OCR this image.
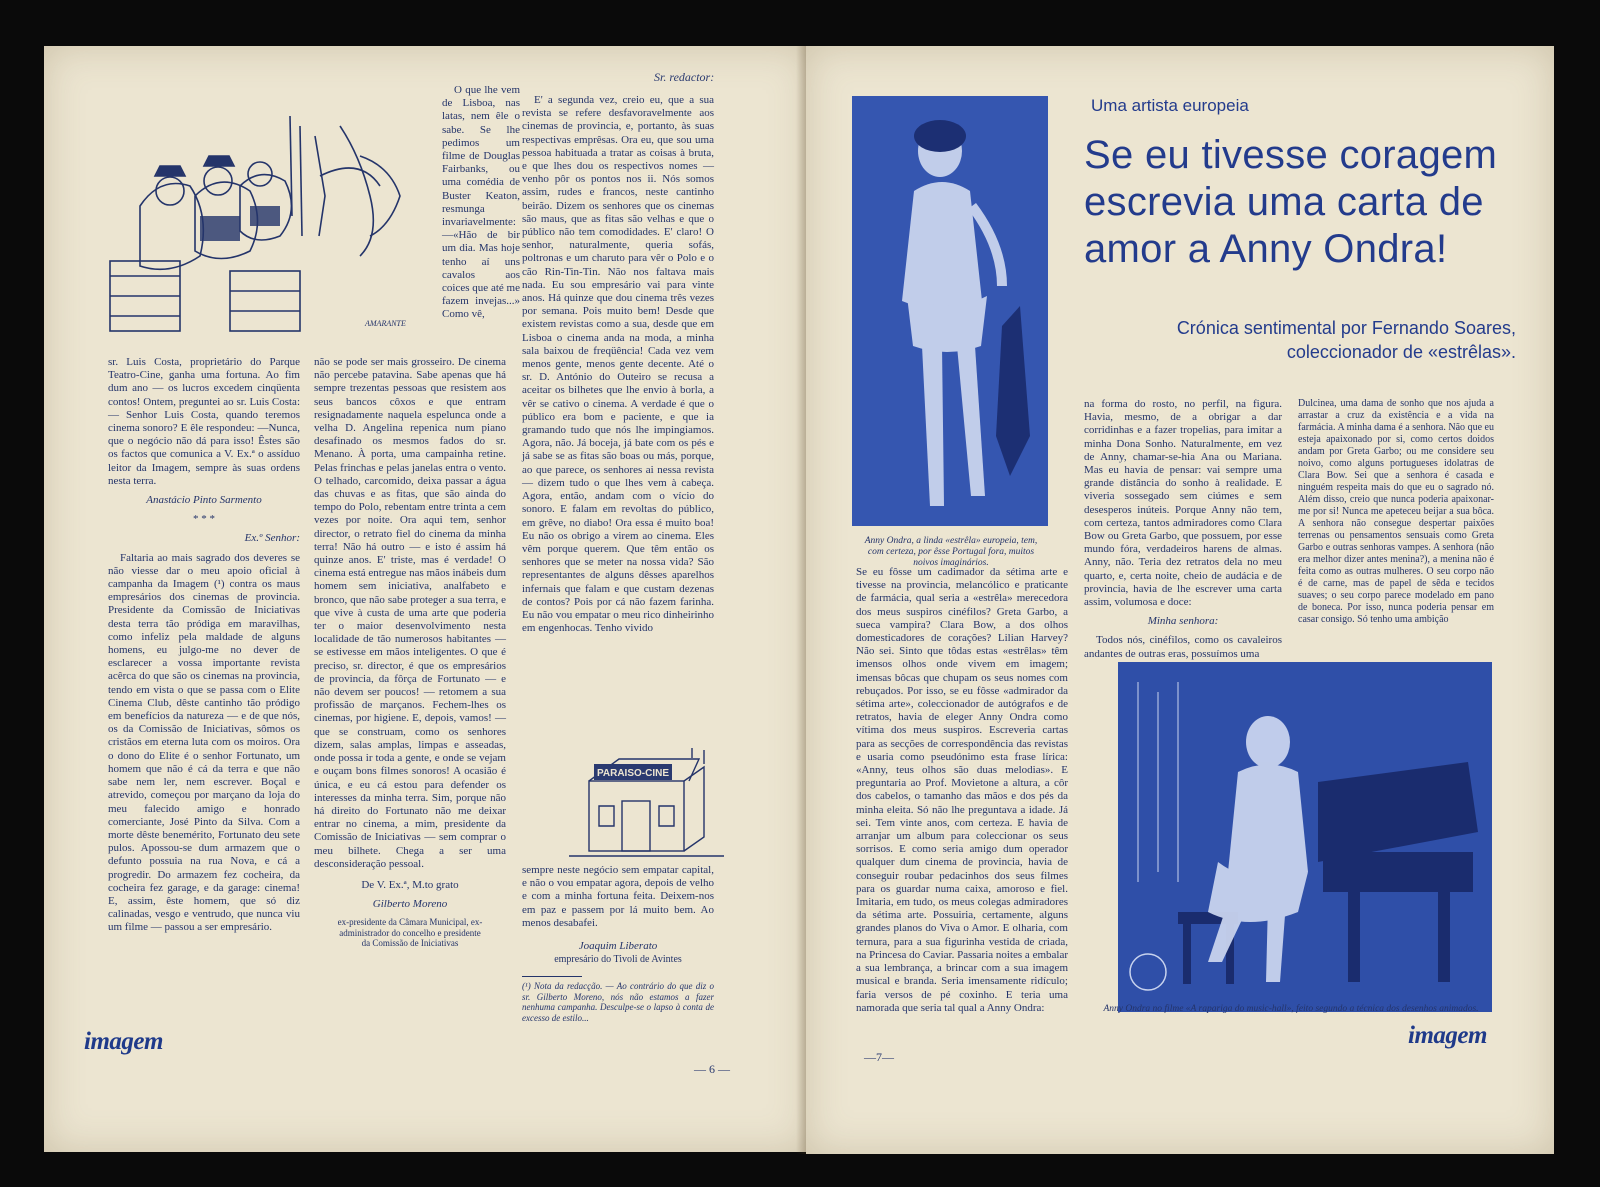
Sr. redactor:
AMARANTE

O que lhe vem de Lisboa, nas latas, nem êle o sabe. Se lhe pedimos um filme de Douglas Fairbanks, ou uma comédia de Buster Keaton, resmunga invariavelmente: —«Hão de bir um dia. Mas hoje tenho aí uns cavalos aos coices que até me fazem invejas...» Como vê,

sr. Luis Costa, proprietário do Parque Teatro-Cine, ganha uma fortuna. Ao fim dum ano — os lucros excedem cinqüenta contos! Ontem, preguntei ao sr. Luis Costa: — Senhor Luis Costa, quando teremos cinema sonoro? E êle respondeu: —Nunca, que o negócio não dá para isso! Êstes são os factos que comunica a V. Ex.ª o assíduo leitor da Imagem, sempre às suas ordens nesta terra.

Anastácio Pinto Sarmento
* * *
Ex.º Senhor:

Faltaria ao mais sagrado dos deveres se não viesse dar o meu apoio oficial à campanha da Imagem (¹) contra os maus empresários dos cinemas de provincia. Presidente da Comissão de Iniciativas desta terra tão pródiga em maravilhas, como infeliz pela maldade de alguns homens, eu julgo-me no dever de esclarecer a vossa importante revista acêrca do que são os cinemas na provincia, tendo em vista o que se passa com o Elite Cinema Club, dêste cantinho tão pródigo em benefícios da natureza — e de que nós, os da Comissão de Iniciativas, sômos os cristãos em eterna luta com os moiros. Ora o dono do Elite é o senhor Fortunato, um homem que não é cá da terra e que não sabe nem ler, nem escrever. Boçal e atrevido, começou por marçano da loja do meu falecido amigo e honrado comerciante, José Pinto da Silva. Com a morte dêste benemérito, Fortunato deu sete pulos. Apossou-se dum armazem que o defunto possuia na rua Nova, e cá a progredir. Do armazem fez cocheira, da cocheira fez garage, e da garage: cinema! E, assim, êste homem, que só diz calinadas, vesgo e ventrudo, que nunca viu um filme — passou a ser empresário.

não se pode ser mais grosseiro. De cinema não percebe patavina. Sabe apenas que há sempre trezentas pessoas que resistem aos seus bancos côxos e que entram resignadamente naquela espelunca onde a velha D. Angelina repenica num piano desafinado os mesmos fados do sr. Menano. À porta, uma campainha retine. Pelas frinchas e pelas janelas entra o vento. O telhado, carcomido, deixa passar a água das chuvas e as fitas, que são ainda do tempo do Polo, rebentam entre trinta a cem vezes por noite. Ora aqui tem, senhor director, o retrato fiel do cinema da minha terra! Não há outro — e isto é assim há quinze anos. E' triste, mas é verdade! O cinema está entregue nas mãos inábeis dum homem sem iniciativa, analfabeto e bronco, que não sabe proteger a sua terra, e que vive à custa de uma arte que poderia ter o maior desenvolvimento nesta localidade de tão numerosos habitantes — se estivesse em mãos inteligentes. O que é preciso, sr. director, é que os empresários de provincia, da fôrça de Fortunato — e não devem ser poucos! — retomem a sua profissão de marçanos. Fechem-lhes os cinemas, por higiene. E, depois, vamos! — que se construam, como os senhores dizem, salas amplas, limpas e asseadas, onde possa ir toda a gente, e onde se vejam e ouçam bons filmes sonoros! A ocasião é única, e eu cá estou para defender os interesses da minha terra. Sim, porque não há direito do Fortunato não me deixar entrar no cinema, a mim, presidente da Comissão de Iniciativas — sem comprar o meu bilhete. Chega a ser uma desconsideração pessoal.

De V. Ex.ª, M.to grato
Gilberto Moreno
ex-presidente da Câmara Municipal, ex-administrador do concelho e presidente da Comissão de Iniciativas

E' a segunda vez, creio eu, que a sua revista se refere desfavoravelmente aos cinemas de provincia, e, portanto, às suas respectivas emprêsas. Ora eu, que sou uma pessoa habituada a tratar as coisas à bruta, e que lhes dou os respectivos nomes — venho pôr os pontos nos ii. Nós somos assim, rudes e francos, neste cantinho beirão. Dizem os senhores que os cinemas são maus, que as fitas são velhas e que o público não tem comodidades. E' claro! O senhor, naturalmente, queria sofás, poltronas e um charuto para vêr o Polo e o cão Rin-Tin-Tin. Não nos faltava mais nada. Eu sou empresário vai para vinte anos. Há quinze que dou cinema três vezes por semana. Pois muito bem! Desde que existem revistas como a sua, desde que em Lisboa o cinema anda na moda, a minha sala baixou de freqüência! Cada vez vem menos gente, menos gente decente. Até o sr. D. António do Outeiro se recusa a aceitar os bilhetes que lhe envio à borla, a vêr se cativo o cinema. A verdade é que o público era bom e paciente, e que ia gramando tudo que nós lhe impingiamos. Agora, não. Já boceja, já bate com os pés e já sabe se as fitas são boas ou más, porque, ao que parece, os senhores ai nessa revista — dizem tudo o que lhes vem à cabeça. Agora, então, andam com o vício do sonoro. E falam em revoltas do público, em grêve, no diabo! Ora essa é muito boa! Eu não os obrigo a virem ao cinema. Eles vêm porque querem. Que têm então os senhores que se meter na nossa vida? São representantes de alguns dêsses aparelhos infernais que falam e que custam dezenas de contos? Pois por cá não fazem farinha. Eu não vou empatar o meu rico dinheirinho em engenhocas. Tenho vivido

PARAISO-CINE

sempre neste negócio sem empatar capital, e não o vou empatar agora, depois de velho e com a minha fortuna feita. Deixem-nos em paz e passem por lá muito bem. Ao menos desabafei.

Joaquim Liberato
empresário do Tivoli de Avintes
(¹) Nota da redacção. — Ao contrário do que diz o sr. Gilberto Moreno, nós não estamos a fazer nenhuma campanha. Desculpe-se o lapso à conta de excesso de estilo...
imagem
— 6 —
Anny Ondra, a linda «estrêla» europeia, tem, com certeza, por êsse Portugal fora, muitos noivos imaginários.
Uma artista europeia
Se eu tivesse coragem escrevia uma carta de amor a Anny Ondra!
Crónica sentimental por Fernando Soares, coleccionador de «estrêlas».

na forma do rosto, no perfil, na figura. Havia, mesmo, de a obrigar a dar corridinhas e a fazer tropelias, para imitar a minha Dona Sonho. Naturalmente, em vez de Anny, chamar-se-hia Ana ou Mariana. Mas eu havia de pensar: vai sempre uma grande distância do sonho à realidade. E viveria sossegado sem ciúmes e sem desesperos inúteis. Porque Anny não tem, com certeza, tantos admiradores como Clara Bow ou Greta Garbo, que possuem, por esse mundo fóra, verdadeiros harens de almas. Anny, não. Teria dez retratos dela no meu quarto, e, certa noite, cheio de audácia e de provincia, havia de lhe escrever uma carta assim, volumosa e doce:

Minha senhora:

Todos nós, cinéfilos, como os cavaleiros andantes de outras eras, possuímos uma

Dulcinea, uma dama de sonho que nos ajuda a arrastar a cruz da existência e a vida na farmácia. A minha dama é a senhora. Não que eu esteja apaixonado por si, como certos doidos andam por Greta Garbo; ou me considere seu noivo, como alguns portugueses idolatras de Clara Bow. Sei que a senhora é casada e ninguém respeita mais do que eu o sagrado nó. Além disso, creio que nunca poderia apaixonar-me por si! Nunca me apeteceu beijar a sua bôca. A senhora não consegue despertar paixões terrenas ou pensamentos sensuais como Greta Garbo e outras senhoras vampes. A senhora (não era melhor dizer antes menina?), a menina não é feita como as outras mulheres. O seu corpo não é de carne, mas de papel de sêda e tecidos suaves; o seu corpo parece modelado em pano de boneca. Por isso, nunca poderia pensar em casar consigo. Só tenho uma ambição

Se eu fôsse um cadimador da sétima arte e tivesse na provincia, melancólico e praticante de farmácia, qual seria a «estrêla» merecedora dos meus suspiros cinéfilos? Greta Garbo, a sueca vampira? Clara Bow, a dos olhos domesticadores de corações? Lilian Harvey? Não sei. Sinto que tôdas estas «estrêlas» têm imensos olhos onde vivem em imagem; imensas bôcas que chupam os seus nomes com rebuçados. Por isso, se eu fôsse «admirador da sétima arte», coleccionador de autógrafos e de retratos, havia de eleger Anny Ondra como vítima dos meus suspiros. Escreveria cartas para as secções de correspondência das revistas e usaria como pseudónimo esta frase lírica: «Anny, teus olhos são duas melodias». E preguntaria ao Prof. Movietone a altura, a côr dos cabelos, o tamanho das mãos e dos pés da minha eleita. Só não lhe preguntava a idade. Já sei. Tem vinte anos, com certeza. E havia de arranjar um album para coleccionar os seus sorrisos. E como seria amigo dum operador qualquer dum cinema de provincia, havia de conseguir roubar pedacinhos dos seus filmes para os guardar numa caixa, amoroso e fiel. Imitaria, em tudo, os meus colegas admiradores da sétima arte. Possuiria, certamente, alguns grandes planos do Viva o Amor. E olharia, com ternura, para a sua figurinha vestida de criada, na Princesa do Caviar. Passaria noites a embalar a sua lembrança, a brincar com a sua imagem musical e branda. Seria imensamente ridículo; faria versos de pé coxinho. E teria uma namorada que seria tal qual a Anny Ondra:	Anny Ondra no filme «A rapariga do music-hall», feito segundo a técnica dos desenhos animados.
—7—
imagem
